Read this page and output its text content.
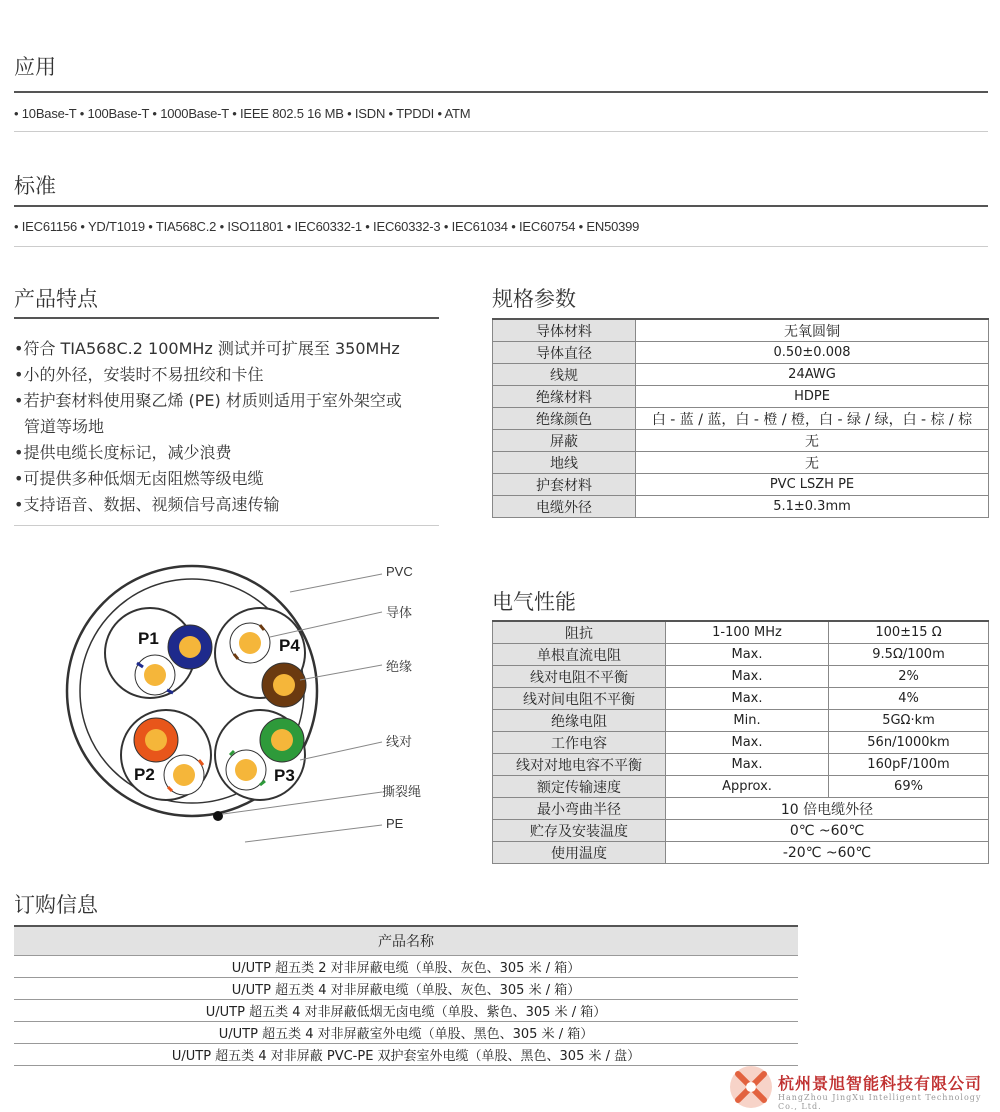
应用
• 10Base-T • 100Base-T • 1000Base-T • IEEE 802.5 16 MB • ISDN • TPDDI • ATM
标准
• IEC61156 • YD/T1019 • TIA568C.2 • ISO11801 • IEC60332-1 • IEC60332-3 • IEC61034 • IEC60754 • EN50399
产品特点
• 符合 TIA568C.2 100MHz 测试并可扩展至 350MHz
• 小的外径，安装时不易扭绞和卡住
• 若护套材料使用聚乙烯 (PE) 材质则适用于室外架空或
管道等场地
• 提供电缆长度标记，减少浪费
• 可提供多种低烟无卤阻燃等级电缆
• 支持语音、数据、视频信号高速传输
规格参数
导体材料	无氧圆铜
导体直径	0.50±0.008
线规	24AWG
绝缘材料	HDPE
绝缘颜色	白 - 蓝 / 蓝，白 - 橙 / 橙，白 - 绿 / 绿，白 - 棕 / 棕
屏蔽	无
地线	无
护套材料	PVC LSZH PE
电缆外径	5.1±0.3mm
电气性能
阻抗	1-100 MHz	100±15 Ω
单根直流电阻	Max.	9.5Ω/100m
线对电阻不平衡	Max.	2%
线对间电阻不平衡	Max.	4%
绝缘电阻	Min.	5GΩ·km
工作电容	Max.	56n/1000km
线对对地电容不平衡	Max.	160pF/100m
额定传输速度	Approx.	69%
最小弯曲半径	10 倍电缆外径	
贮存及安装温度	0℃ ~60℃	
使用温度	-20℃ ~60℃	
P1	P4
P2	P3
PVC
导体
绝缘
线对
撕裂绳
PE
订购信息
产品名称
U/UTP 超五类 2 对非屏蔽电缆（单股、灰色、305 米 / 箱）
U/UTP 超五类 4 对非屏蔽电缆（单股、灰色、305 米 / 箱）
U/UTP 超五类 4 对非屏蔽低烟无卤电缆（单股、紫色、305 米 / 箱）
U/UTP 超五类 4 对非屏蔽室外电缆（单股、黑色、305 米 / 箱）
U/UTP 超五类 4 对非屏蔽 PVC-PE 双护套室外电缆（单股、黑色、305 米 / 盘）
杭州景旭智能科技有限公司
HangZhou JingXu Intelligent Technology Co., Ltd.
